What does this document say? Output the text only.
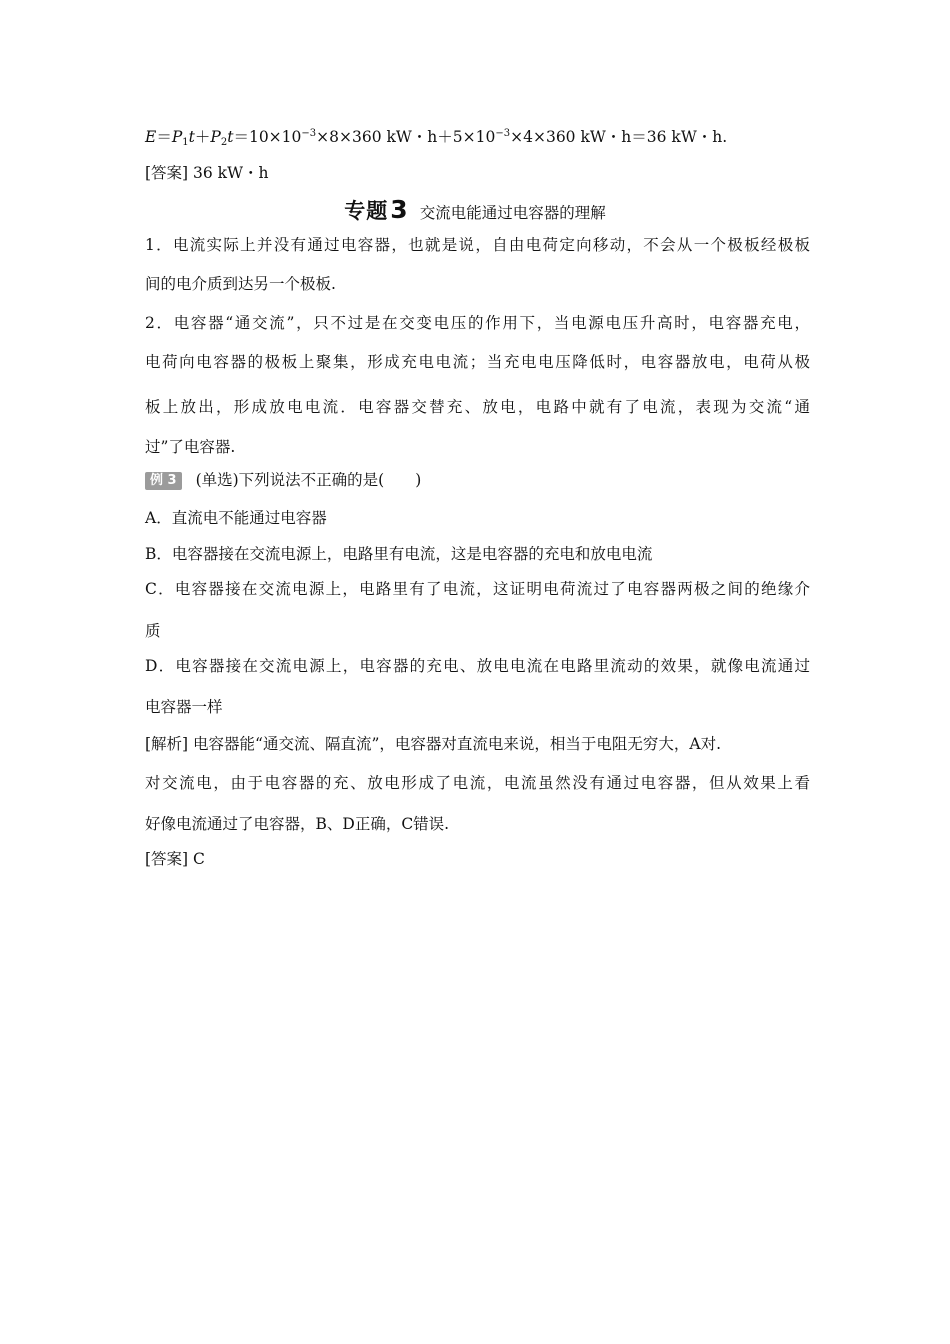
$E=P_1t+P_2t=10\times 10^{-3}\times 8\times 360$ kW・$h+5\times 10^{-3}\times 4\times 360$ kW・h＝36 kW・h.
[答案] 36 kW・h
专题3 交流电能通过电容器的理解
1．电流实际上并没有通过电容器，也就是说，自由电荷定向移动，不会从一个极板经极板
间的电介质到达另一个极板.
2．电容器“通交流”，只不过是在交变电压的作用下，当电源电压升高时，电容器充电，
电荷向电容器的极板上聚集，形成充电电流；当充电电压降低时，电容器放电，电荷从极
板上放出，形成放电电流．电容器交替充、放电，电路中就有了电流，表现为交流“通
过”了电容器.
例 3 (单选)下列说法不正确的是(　　)
A．直流电不能通过电容器
B．电容器接在交流电源上，电路里有电流，这是电容器的充电和放电电流
C．电容器接在交流电源上，电路里有了电流，这证明电荷流过了电容器两极之间的绝缘介
质
D．电容器接在交流电源上，电容器的充电、放电电流在电路里流动的效果，就像电流通过
电容器一样
[解析] 电容器能“通交流、隔直流”，电容器对直流电来说，相当于电阻无穷大，A对.
对交流电，由于电容器的充、放电形成了电流，电流虽然没有通过电容器，但从效果上看
好像电流通过了电容器，B、D正确，C错误.
[答案] C
